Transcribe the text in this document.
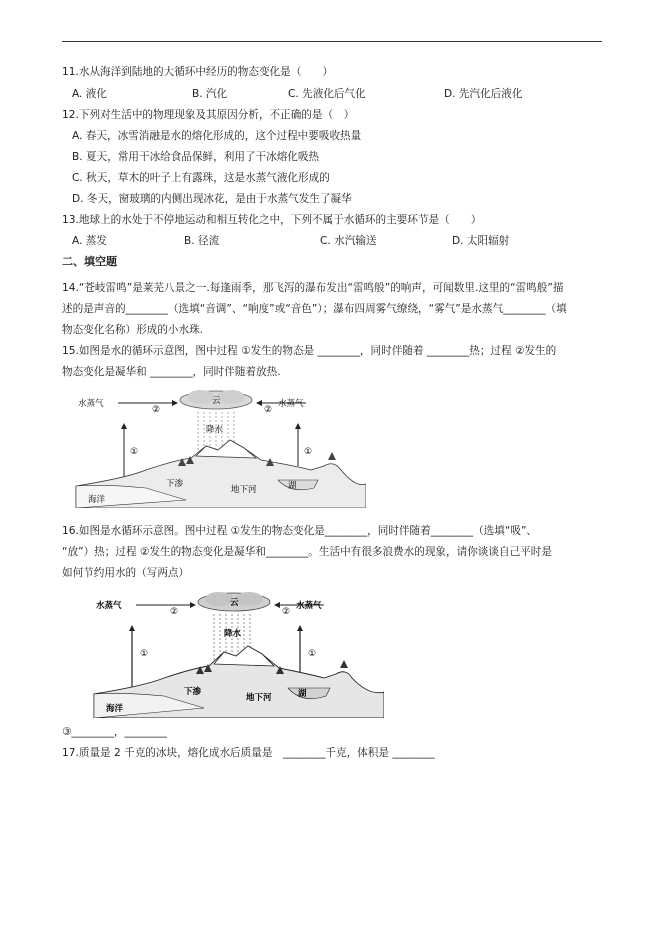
11.水从海洋到陆地的大循环中经历的物态变化是（　　）
A. 液化	B. 汽化	C. 先液化后气化	D. 先汽化后液化
12.下列对生活中的物理现象及其原因分析，不正确的是（　）
A. 春天，冰雪消融是水的熔化形成的，这个过程中要吸收热量
B. 夏天，常用干冰给食品保鲜，利用了干冰熔化吸热
C. 秋天，草木的叶子上有露珠，这是水蒸气液化形成的
D. 冬天，窗玻璃的内侧出现冰花，是由于水蒸气发生了凝华
13.地球上的水处于不停地运动和相互转化之中，下列不属于水循环的主要环节是（　　）
A. 蒸发	B. 径流	C. 水汽输送	D. 太阳辐射
二、填空题
14.“苍岐雷鸣”是莱芜八景之一.每逢雨季，那飞泻的瀑布发出“雷鸣般”的响声，可闻数里.这里的“雷鸣般”描
述的是声音的________（选填“音调”、“响度”或“音色”）；瀑布四周雾气缭绕，“雾气”是水蒸气________（填
物态变化名称）形成的小水珠.
15.如图是水的循环示意图，图中过程 ①发生的物态是 ________，同时伴随着 ________热；过程 ②发生的
物态变化是凝华和 ________，同时伴随着放热.
16.如图是水循环示意图。图中过程 ①发生的物态变化是________，同时伴随着________（选填“吸”、
“放”）热；过程 ②发生的物态变化是凝华和________。生活中有很多浪费水的现象，请你谈谈自己平时是
如何节约用水的（写两点）
③________，________
17.质量是 2 千克的冰块，熔化成水后质量是　________千克，体积是 ________
水蒸气
②
云
②
水蒸气
降水
①	①
海洋
下渗
地下河	湖
水蒸气
②
云
②
水蒸气
降水
①	①
海洋
下渗
地下河	湖
